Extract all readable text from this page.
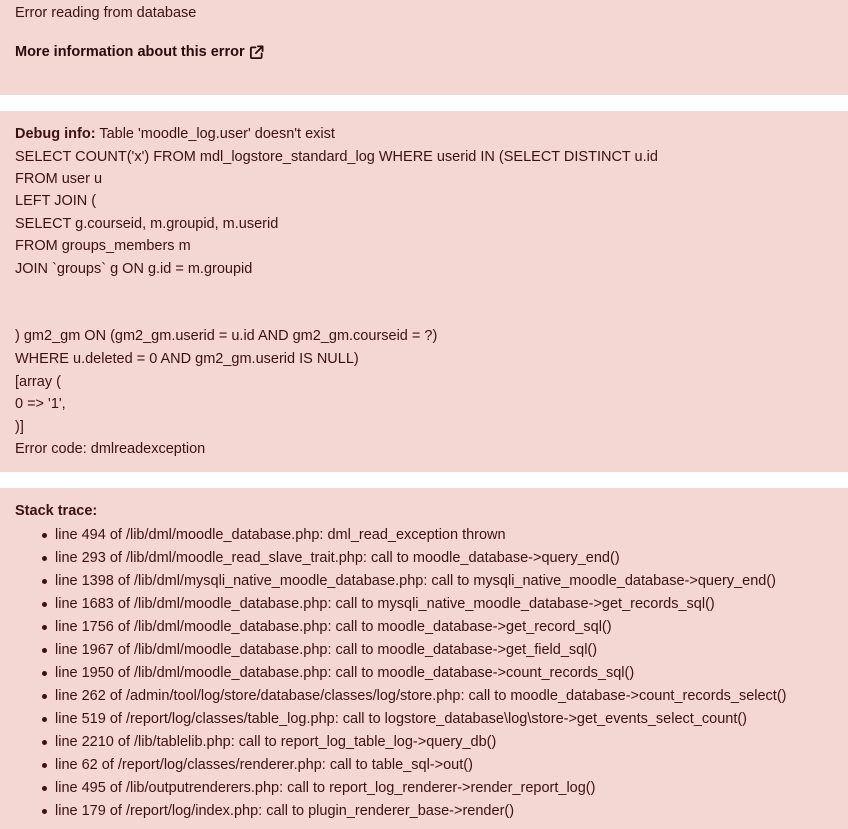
Error reading from database
More information about this error
Debug info: Table 'moodle_log.user' doesn't exist
SELECT COUNT('x') FROM mdl_logstore_standard_log WHERE userid IN (SELECT DISTINCT u.id
FROM user u
LEFT JOIN (
SELECT g.courseid, m.groupid, m.userid
FROM groups_members m
JOIN `groups` g ON g.id = m.groupid
) gm2_gm ON (gm2_gm.userid = u.id AND gm2_gm.courseid = ?)
WHERE u.deleted = 0 AND gm2_gm.userid IS NULL)
[array (
0 => '1',
)]
Error code: dmlreadexception
Stack trace:
line 494 of /lib/dml/moodle_database.php: dml_read_exception thrown
line 293 of /lib/dml/moodle_read_slave_trait.php: call to moodle_database->query_end()
line 1398 of /lib/dml/mysqli_native_moodle_database.php: call to mysqli_native_moodle_database->query_end()
line 1683 of /lib/dml/moodle_database.php: call to mysqli_native_moodle_database->get_records_sql()
line 1756 of /lib/dml/moodle_database.php: call to moodle_database->get_record_sql()
line 1967 of /lib/dml/moodle_database.php: call to moodle_database->get_field_sql()
line 1950 of /lib/dml/moodle_database.php: call to moodle_database->count_records_sql()
line 262 of /admin/tool/log/store/database/classes/log/store.php: call to moodle_database->count_records_select()
line 519 of /report/log/classes/table_log.php: call to logstore_database\log\store->get_events_select_count()
line 2210 of /lib/tablelib.php: call to report_log_table_log->query_db()
line 62 of /report/log/classes/renderer.php: call to table_sql->out()
line 495 of /lib/outputrenderers.php: call to report_log_renderer->render_report_log()
line 179 of /report/log/index.php: call to plugin_renderer_base->render()
